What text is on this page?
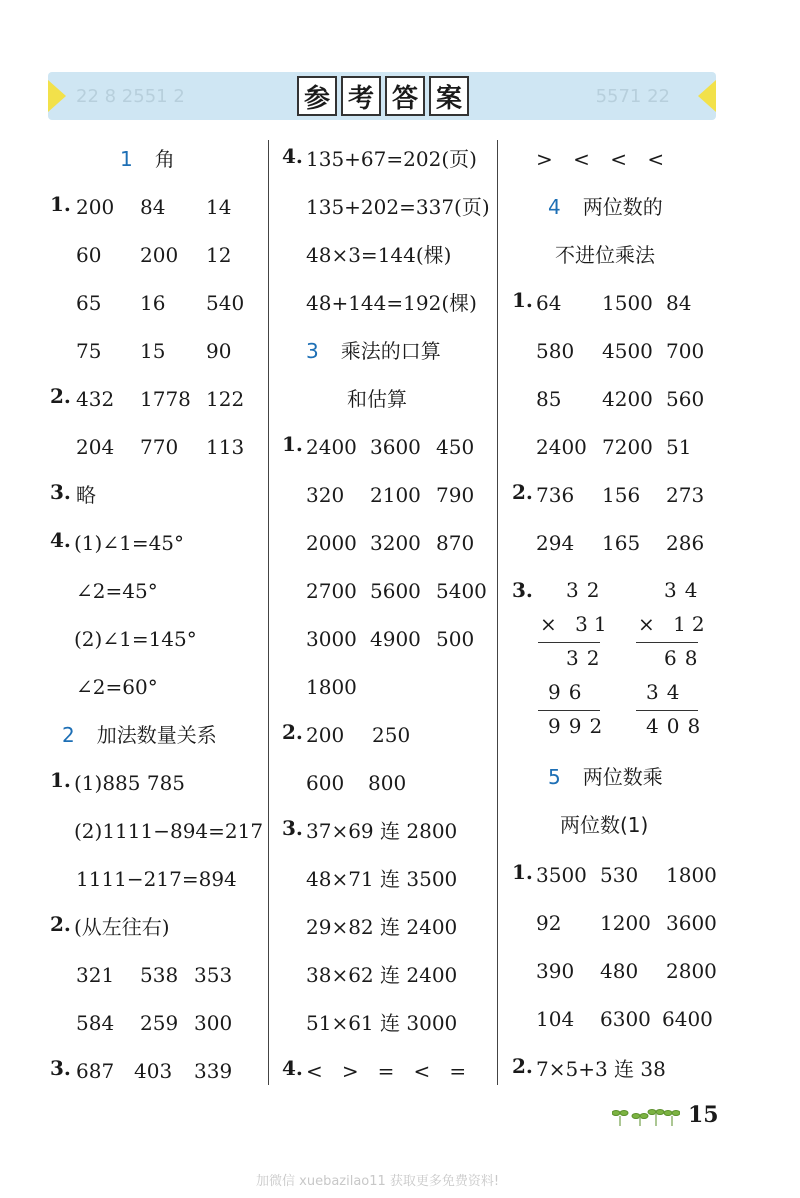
22 8 2551 2	5571 22
参 考 答 案
1 角
1. 200 84 14
60 200 12
65 16 540
75 15 90
2. 432 1778 122
204 770 113
3. 略
4. (1)∠1=45°
∠2=45°
(2)∠1=145°
∠2=60°
2 加法数量关系
1. (1)885 785
(2)1111−894=217
1111−217=894
2. (从左往右)
321 538 353
584 259 300
3. 687 403 339
4. 135+67=202(页)
135+202=337(页)
48×3=144(棵)
48+144=192(棵)
3 乘法的口算
和估算
1. 2400 3600 450
320 2100 790
2000 3200 870
2700 5600 5400
3000 4900 500
1800
2. 200 250
600 800
3. 37×69 连 2800
48×71 连 3500
29×82 连 2400
38×62 连 2400
51×61 连 3000
4. <   >   =   <   =
> < < <
4 两位数的
不进位乘法
1. 64 1500 84
580 4500 700
85 4200 560
2400 7200 51
2. 736 156 273
294 165 286
3. 32
× 31
32
96
992
34
× 12
68
34
408
5 两位数乘
两位数(1)
1. 3500 530 1800
92 1200 3600
390 480 2800
104 6300 6400
2. 7×5+3 连 38
15
加微信 xuebazilao11 获取更多免费资料!
